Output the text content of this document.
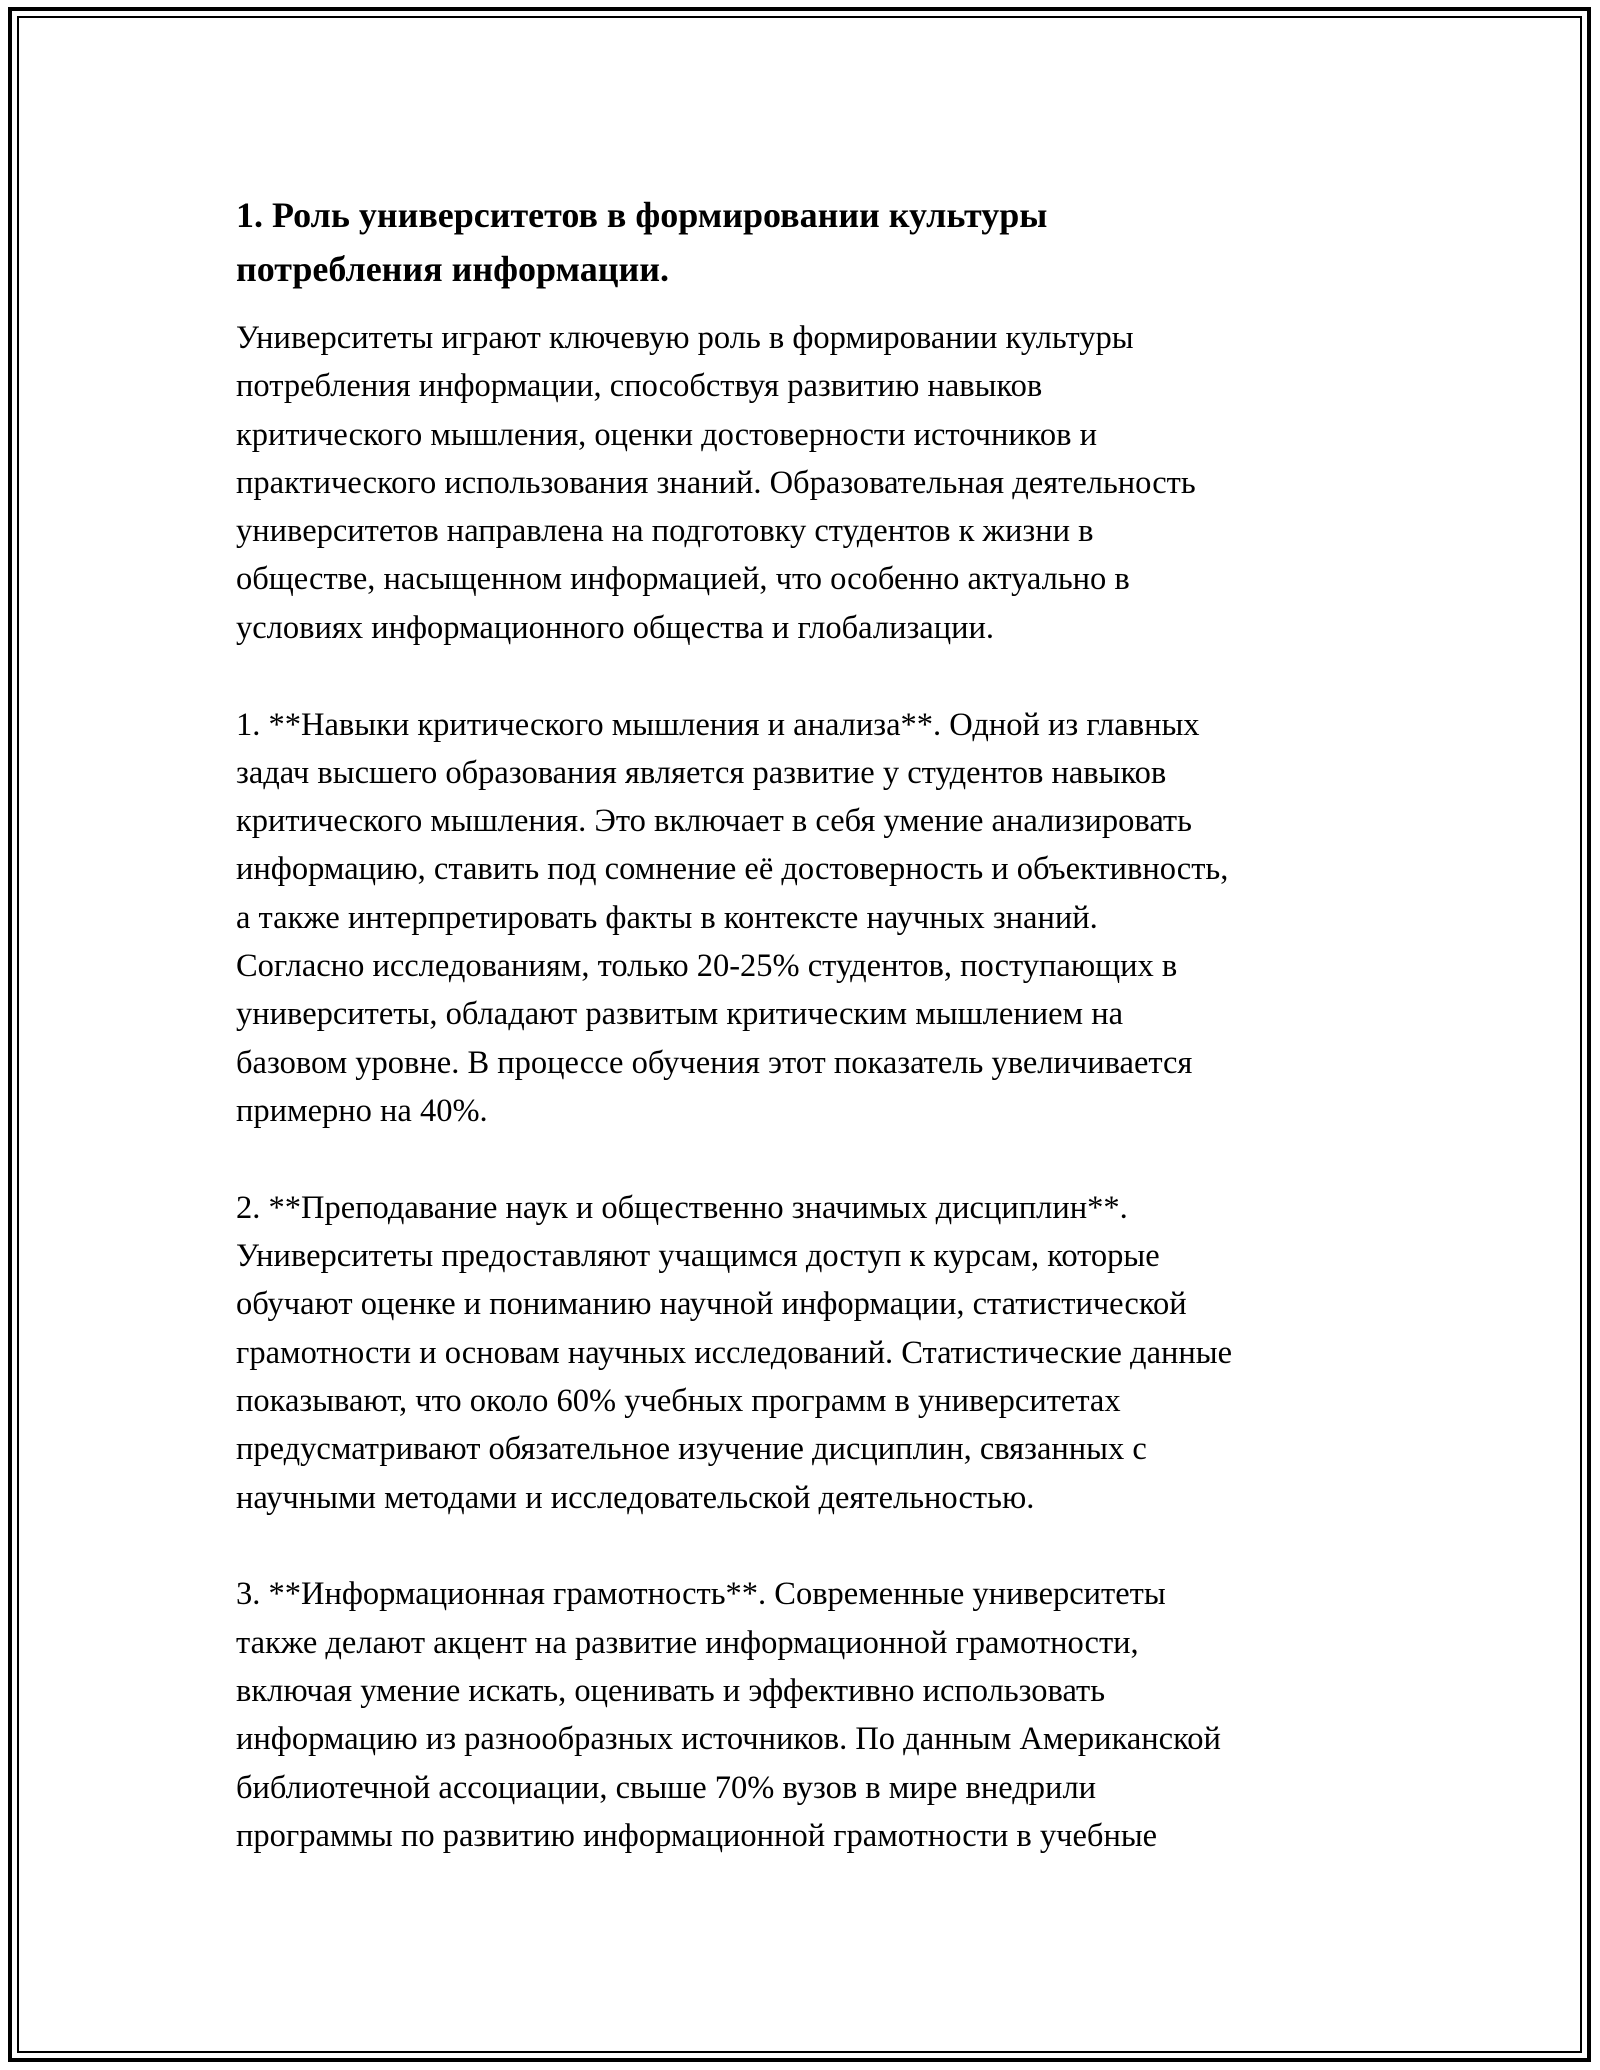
1. Роль университетов в формировании культуры
потребления информации.

Университеты играют ключевую роль в формировании культуры
потребления информации, способствуя развитию навыков
критического мышления, оценки достоверности источников и
практического использования знаний. Образовательная деятельность
университетов направлена на подготовку студентов к жизни в
обществе, насыщенном информацией, что особенно актуально в
условиях информационного общества и глобализации.

1. **Навыки критического мышления и анализа**. Одной из главных
задач высшего образования является развитие у студентов навыков
критического мышления. Это включает в себя умение анализировать
информацию, ставить под сомнение её достоверность и объективность,
а также интерпретировать факты в контексте научных знаний.
Согласно исследованиям, только 20-25% студентов, поступающих в
университеты, обладают развитым критическим мышлением на
базовом уровне. В процессе обучения этот показатель увеличивается
примерно на 40%.

2. **Преподавание наук и общественно значимых дисциплин**.
Университеты предоставляют учащимся доступ к курсам, которые
обучают оценке и пониманию научной информации, статистической
грамотности и основам научных исследований. Статистические данные
показывают, что около 60% учебных программ в университетах
предусматривают обязательное изучение дисциплин, связанных с
научными методами и исследовательской деятельностью.

3. **Информационная грамотность**. Современные университеты
также делают акцент на развитие информационной грамотности,
включая умение искать, оценивать и эффективно использовать
информацию из разнообразных источников. По данным Американской
библиотечной ассоциации, свыше 70% вузов в мире внедрили
программы по развитию информационной грамотности в учебные
